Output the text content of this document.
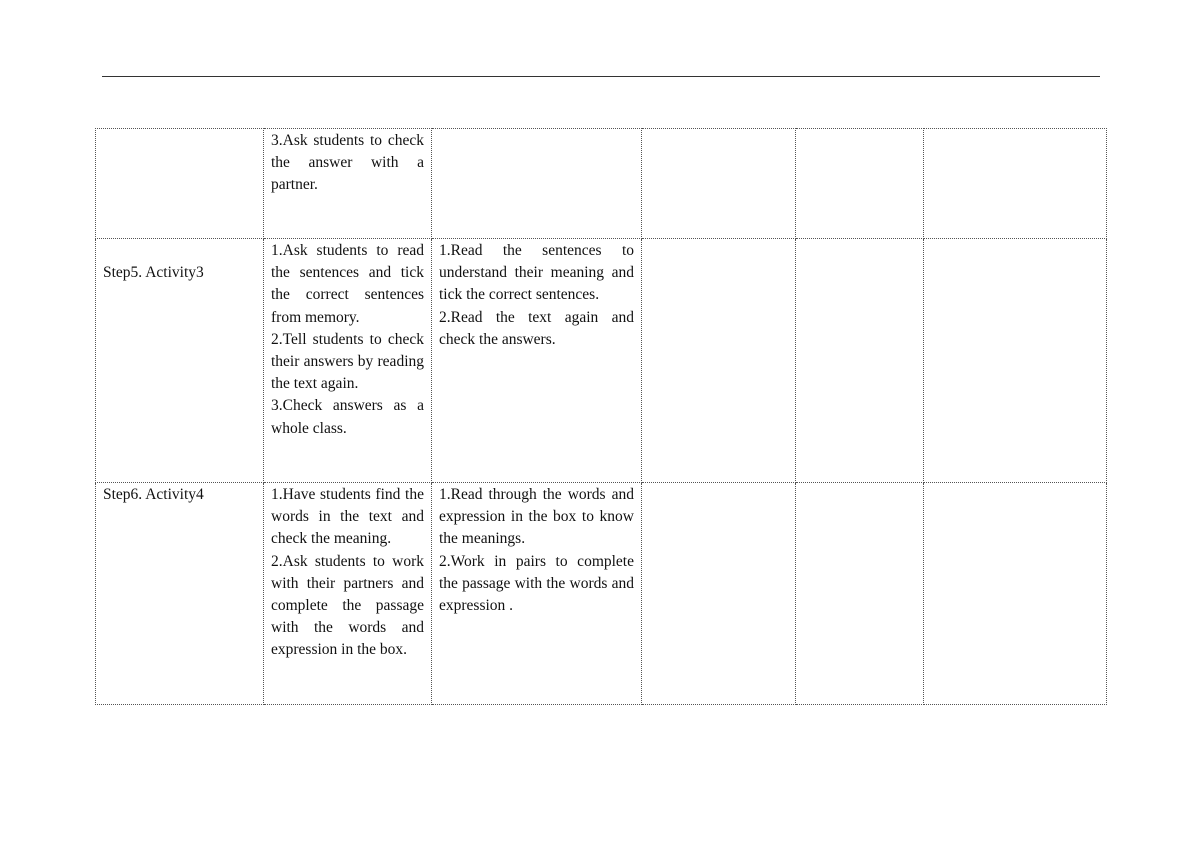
	3.Ask students to check the answer with a partner.				

Step5. Activity3	1.Ask students to read the sentences and tick the correct sentences from memory.
2.Tell students to check their answers by reading the text again.
3.Check answers as a whole class.	1.Read the sentences to understand their meaning and tick the correct sentences.
2.Read the text again and check the answers.			

Step6. Activity4	1.Have students find the words in the text and check the meaning.
2.Ask students to work with their partners and complete the passage with the words and expression in the box.	1.Read through the words and expression in the box to know the meanings.
2.Work in pairs to complete the passage with the words and expression .			
